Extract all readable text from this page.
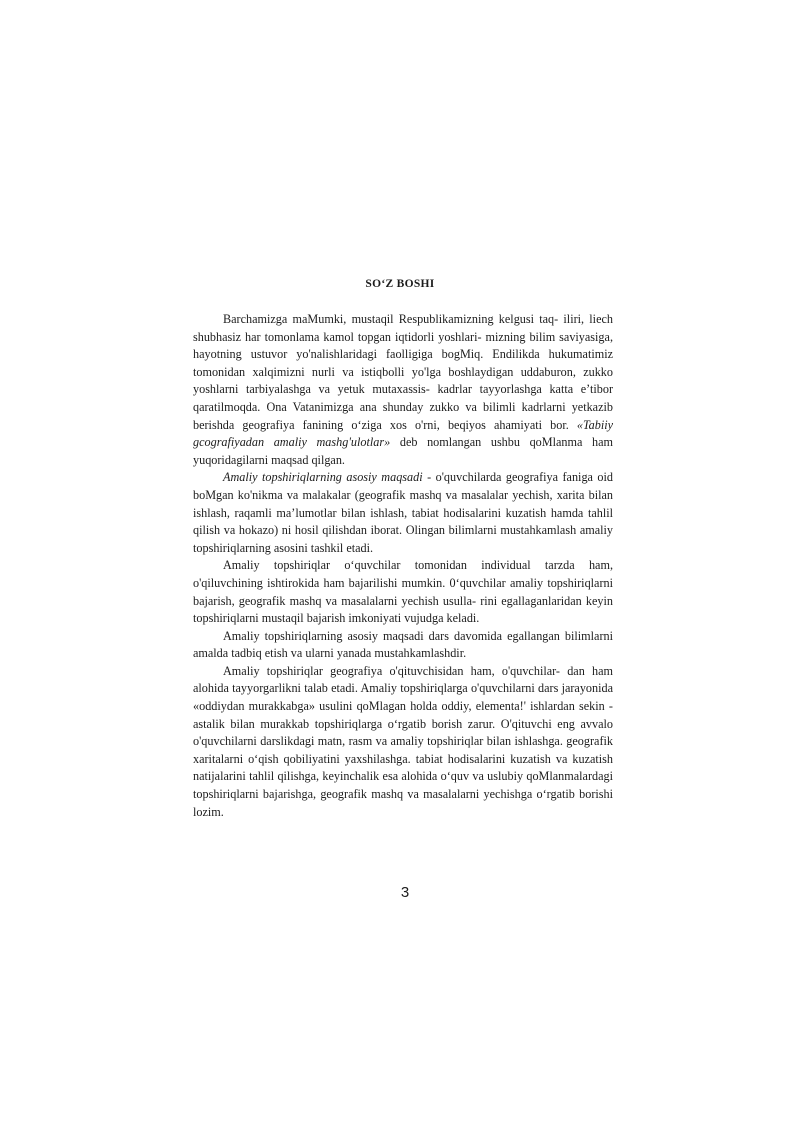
SO‘Z BOSHI

Barchamizga maMumki, mustaqil Respublikamizning kelgusi taq- iliri, liech shubhasiz har tomonlama kamol topgan iqtidorli yoshlari- mizning bilim saviyasiga, hayotning ustuvor yo'nalishlaridagi faolligiga bogMiq. Endilikda hukumatimiz tomonidan xalqimizni nurli va istiqbolli yo'lga boshlaydigan uddaburon, zukko yoshlarni tarbiyalashga va yetuk mutaxassis- kadrlar tayyorlashga katta e’tibor qaratilmoqda. Ona Vatanimizga ana shunday zukko va bilimli kadrlarni yetkazib berishda geografiya fanining o‘ziga xos o'rni, beqiyos ahamiyati bor. «Tabiiy gcografiyadan amaliy mashg'ulotlar» deb nomlangan ushbu qoMlanma ham yuqoridagilarni maqsad qilgan.

Amaliy topshiriqlarning asosiy maqsadi - o'quvchilarda geografiya faniga oid boMgan ko'nikma va malakalar (geografik mashq va masalalar yechish, xarita bilan ishlash, raqamli ma’lumotlar bilan ishlash, tabiat hodisalarini kuzatish hamda tahlil qilish va hokazo) ni hosil qilishdan iborat. Olingan bilimlarni mustahkamlash amaliy topshiriqlarning asosini tashkil etadi.

Amaliy topshiriqlar o‘quvchilar tomonidan individual tarzda ham, o'qiluvchining ishtirokida ham bajarilishi mumkin. 0‘quvchilar amaliy topshiriqlarni bajarish, geografik mashq va masalalarni yechish usulla- rini egallaganlaridan keyin topshiriqlarni mustaqil bajarish imkoniyati vujudga keladi.

Amaliy topshiriqlarning asosiy maqsadi dars davomida egallangan bilimlarni amalda tadbiq etish va ularni yanada mustahkamlashdir.

Amaliy topshiriqlar geografiya o'qituvchisidan ham, o'quvchilar- dan ham alohida tayyorgarlikni talab etadi. Amaliy topshiriqlarga o'quvchilarni dars jarayonida «oddiydan murakkabga» usulini qoMlagan holda oddiy, elementa!' ishlardan sekin - astalik bilan murakkab topshiriqlarga o‘rgatib borish zarur. O'qituvchi eng avvalo o'quvchilarni darslikdagi matn, rasm va amaliy topshiriqlar bilan ishlashga. geografik xaritalarni o‘qish qobiliyatini yaxshilashga. tabiat hodisalarini kuzatish va kuzatish natijalarini tahlil qilishga, keyinchalik esa alohida o‘quv va uslubiy qoMlanmalardagi topshiriqlarni bajarishga, geografik mashq va masalalarni yechishga o‘rgatib borishi lozim.

3
